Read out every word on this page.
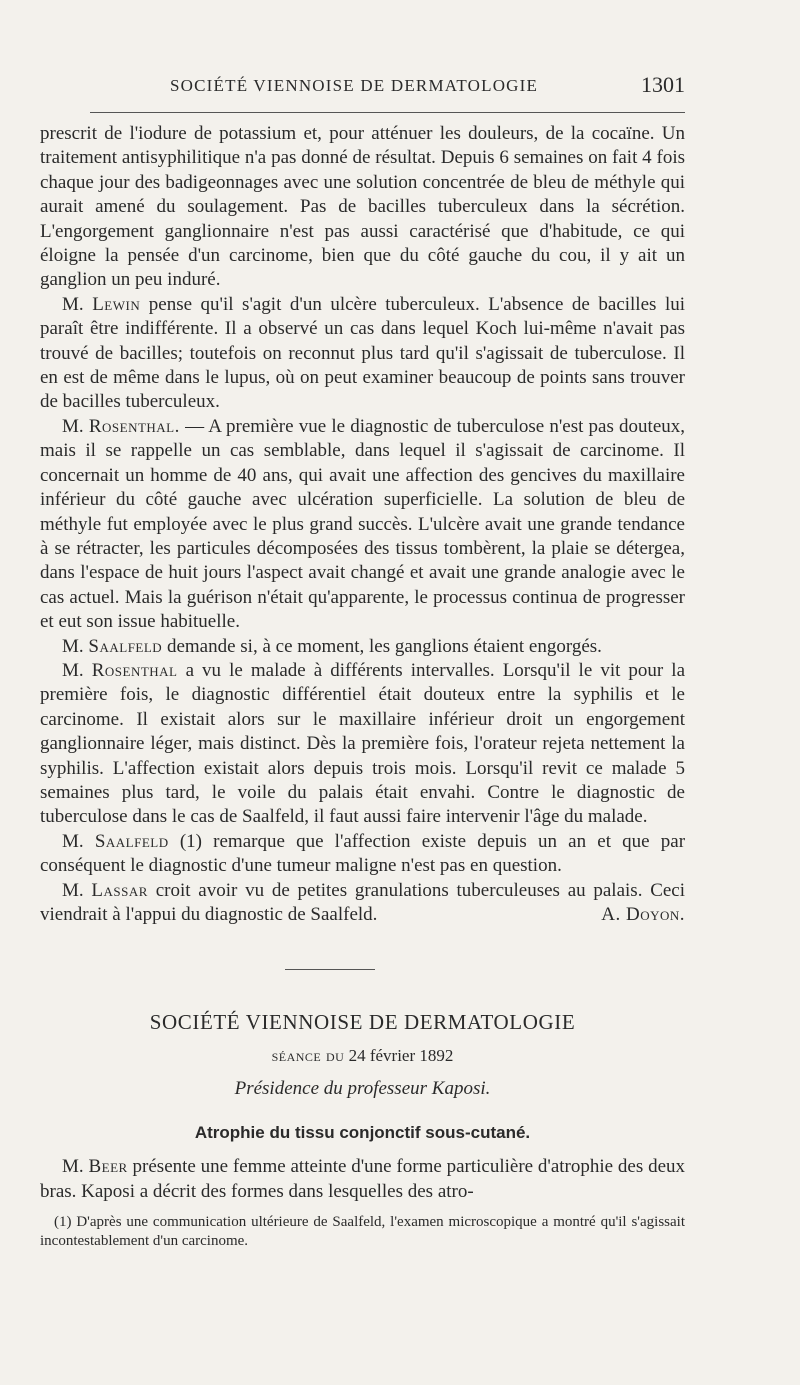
SOCIÉTÉ VIENNOISE DE DERMATOLOGIE	1301

prescrit de l'iodure de potassium et, pour atténuer les douleurs, de la cocaïne. Un traitement antisyphilitique n'a pas donné de résultat. Depuis 6 semaines on fait 4 fois chaque jour des badigeonnages avec une solution concentrée de bleu de méthyle qui aurait amené du soulagement. Pas de bacilles tuberculeux dans la sécrétion. L'engorgement ganglionnaire n'est pas aussi caractérisé que d'habitude, ce qui éloigne la pensée d'un carcinome, bien que du côté gauche du cou, il y ait un ganglion un peu induré.

M. Lewin pense qu'il s'agit d'un ulcère tuberculeux. L'absence de bacilles lui paraît être indifférente. Il a observé un cas dans lequel Koch lui-même n'avait pas trouvé de bacilles; toutefois on reconnut plus tard qu'il s'agissait de tuberculose. Il en est de même dans le lupus, où on peut examiner beaucoup de points sans trouver de bacilles tuberculeux.

M. Rosenthal. — A première vue le diagnostic de tuberculose n'est pas douteux, mais il se rappelle un cas semblable, dans lequel il s'agissait de carcinome. Il concernait un homme de 40 ans, qui avait une affection des gencives du maxillaire inférieur du côté gauche avec ulcération superficielle. La solution de bleu de méthyle fut employée avec le plus grand succès. L'ulcère avait une grande tendance à se rétracter, les particules décomposées des tissus tombèrent, la plaie se détergea, dans l'espace de huit jours l'aspect avait changé et avait une grande analogie avec le cas actuel. Mais la guérison n'était qu'apparente, le processus continua de progresser et eut son issue habituelle.

M. Saalfeld demande si, à ce moment, les ganglions étaient engorgés.

M. Rosenthal a vu le malade à différents intervalles. Lorsqu'il le vit pour la première fois, le diagnostic différentiel était douteux entre la syphilis et le carcinome. Il existait alors sur le maxillaire inférieur droit un engorgement ganglionnaire léger, mais distinct. Dès la première fois, l'orateur rejeta nettement la syphilis. L'affection existait alors depuis trois mois. Lorsqu'il revit ce malade 5 semaines plus tard, le voile du palais était envahi. Contre le diagnostic de tuberculose dans le cas de Saalfeld, il faut aussi faire intervenir l'âge du malade.

M. Saalfeld (1) remarque que l'affection existe depuis un an et que par conséquent le diagnostic d'une tumeur maligne n'est pas en question.

M. Lassar croit avoir vu de petites granulations tuberculeuses au palais. Ceci viendrait à l'appui du diagnostic de Saalfeld.	A. Doyon.

SOCIÉTÉ VIENNOISE DE DERMATOLOGIE
séance du 24 février 1892
Présidence du professeur Kaposi.
Atrophie du tissu conjonctif sous-cutané.

M. Beer présente une femme atteinte d'une forme particulière d'atrophie des deux bras. Kaposi a décrit des formes dans lesquelles des atro-

(1) D'après une communication ultérieure de Saalfeld, l'examen microscopique a montré qu'il s'agissait incontestablement d'un carcinome.
